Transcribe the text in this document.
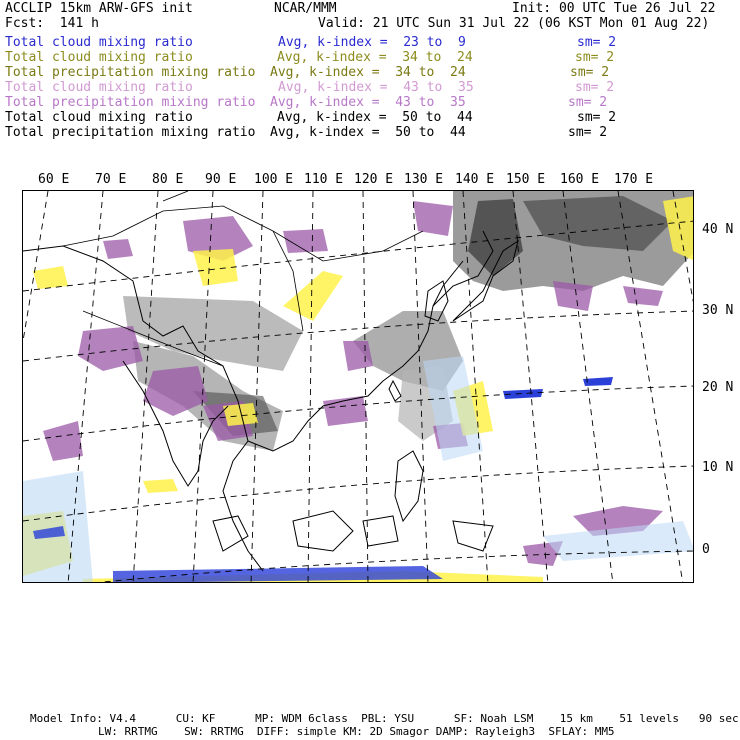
ACCLIP 15km ARW-GFS init	NCAR/MMM	Init: 00 UTC Tue 26 Jul 22
Fcst:  141 h	Valid: 21 UTC Sun 31 Jul 22 (06 KST Mon 01 Aug 22)
Total cloud mixing ratio	Avg, k-index =  23 to  9	sm= 2
Total cloud mixing ratio	Avg, k-index =  34 to  24	sm= 2
Total precipitation mixing ratio Avg, k-index =  34 to  24	sm= 2
Total cloud mixing ratio	Avg, k-index =  43 to  35	sm= 2
Total precipitation mixing ratio Avg, k-index =  43 to  35	sm= 2
Total cloud mixing ratio	Avg, k-index =  50 to  44	sm= 2
Total precipitation mixing ratio Avg, k-index =  50 to  44	sm= 2
60 E 70 E 80 E 90 E 100 E 110 E 120 E 130 E 140 E 150 E 160 E 170 E
40 N
30 N
20 N
10 N
0
Model Info: V4.4      CU: KF      MP: WDM 6class  PBL: YSU      SF: Noah LSM    15 km    51 levels   90 sec
LW: RRTMG    SW: RRTMG  DIFF: simple KM: 2D Smagor DAMP: Rayleigh3  SFLAY: MM5
